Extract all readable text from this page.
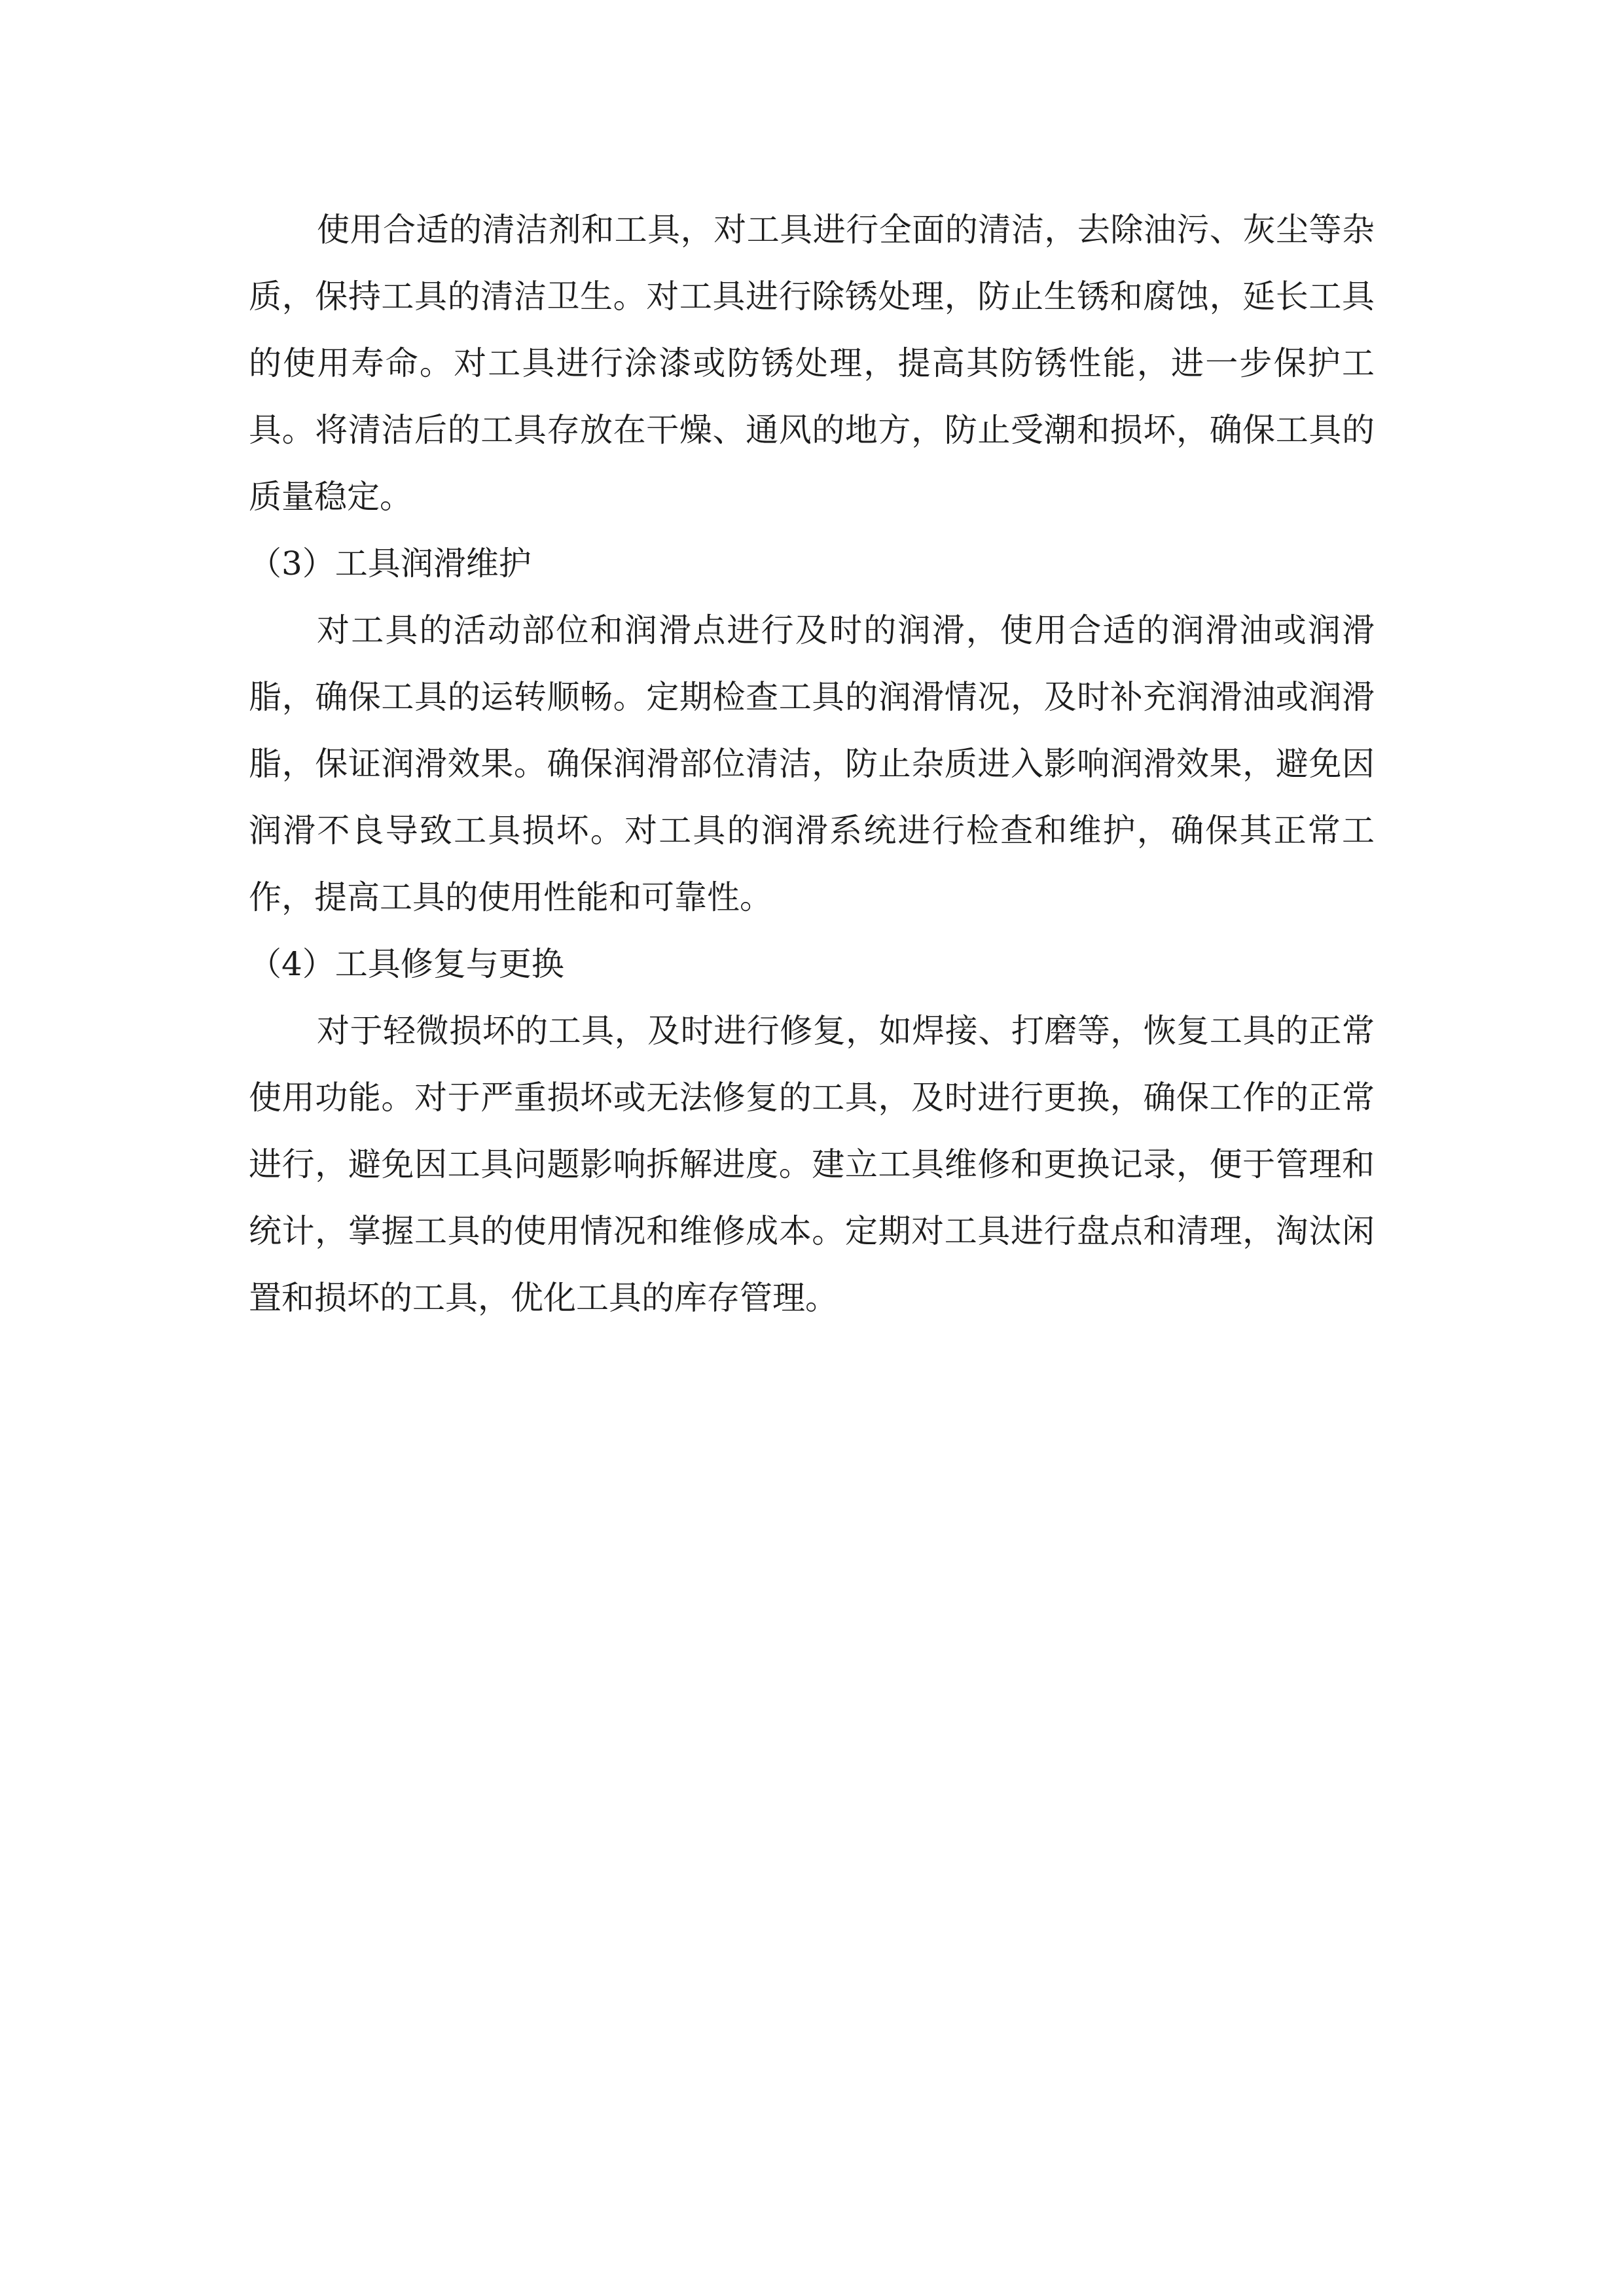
使用合适的清洁剂和工具，对工具进行全面的清洁，去除油污、灰尘等杂质，保持工具的清洁卫生。对工具进行除锈处理，防止生锈和腐蚀，延长工具的使用寿命。对工具进行涂漆或防锈处理，提高其防锈性能，进一步保护工具。将清洁后的工具存放在干燥、通风的地方，防止受潮和损坏，确保工具的质量稳定。

（3）工具润滑维护

对工具的活动部位和润滑点进行及时的润滑，使用合适的润滑油或润滑脂，确保工具的运转顺畅。定期检查工具的润滑情况，及时补充润滑油或润滑脂，保证润滑效果。确保润滑部位清洁，防止杂质进入影响润滑效果，避免因润滑不良导致工具损坏。对工具的润滑系统进行检查和维护，确保其正常工作，提高工具的使用性能和可靠性。

（4）工具修复与更换

对于轻微损坏的工具，及时进行修复，如焊接、打磨等，恢复工具的正常使用功能。对于严重损坏或无法修复的工具，及时进行更换，确保工作的正常进行，避免因工具问题影响拆解进度。建立工具维修和更换记录，便于管理和统计，掌握工具的使用情况和维修成本。定期对工具进行盘点和清理，淘汰闲置和损坏的工具，优化工具的库存管理。
